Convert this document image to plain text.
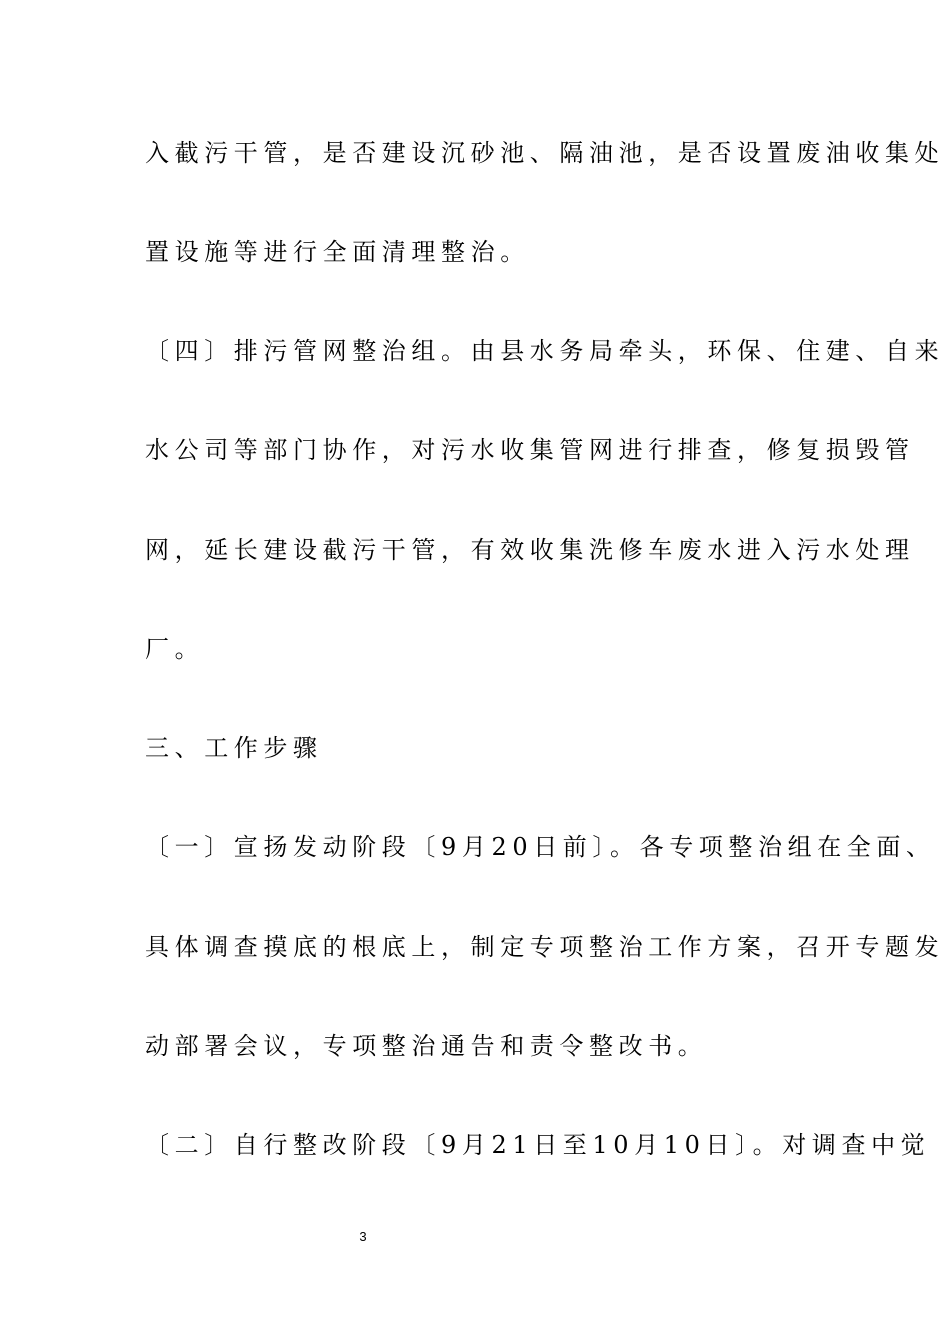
入截污干管，是否建设沉砂池、隔油池，是否设置废油收集处
置设施等进行全面清理整治。
〔四〕排污管网整治组。由县水务局牵头，环保、住建、自来
水公司等部门协作，对污水收集管网进行排查，修复损毁管
网，延长建设截污干管，有效收集洗修车废水进入污水处理
厂。
三、工作步骤
〔一〕宣扬发动阶段〔9月20日前〕。各专项整治组在全面、
具体调查摸底的根底上，制定专项整治工作方案，召开专题发
动部署会议，专项整治通告和责令整改书。
〔二〕自行整改阶段〔9月21日至10月10日〕。对调查中觉
3
